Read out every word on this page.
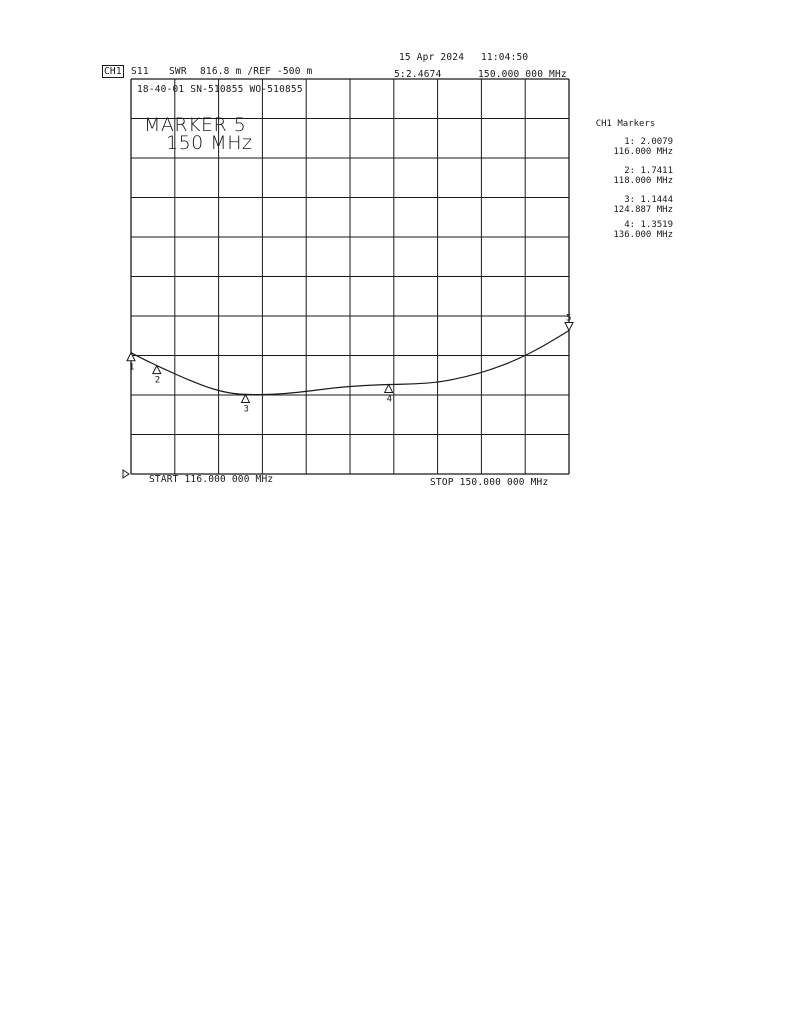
15 Apr 2024 11:04:50
CH1 S11 SWR 816.8 m /REF -500 m	5: 2.4674	150.000 000 MHz
18-40-01 SN-510855 WO-510855
1
2
3
4
5
MARKER 5
150 MHz
CH1 Markers
1: 2.0079
116.000 MHz
2: 1.7411
118.000 MHz
3: 1.1444
124.887 MHz
4: 1.3519
136.000 MHz
START 116.000 000 MHz	STOP 150.000 000 MHz
